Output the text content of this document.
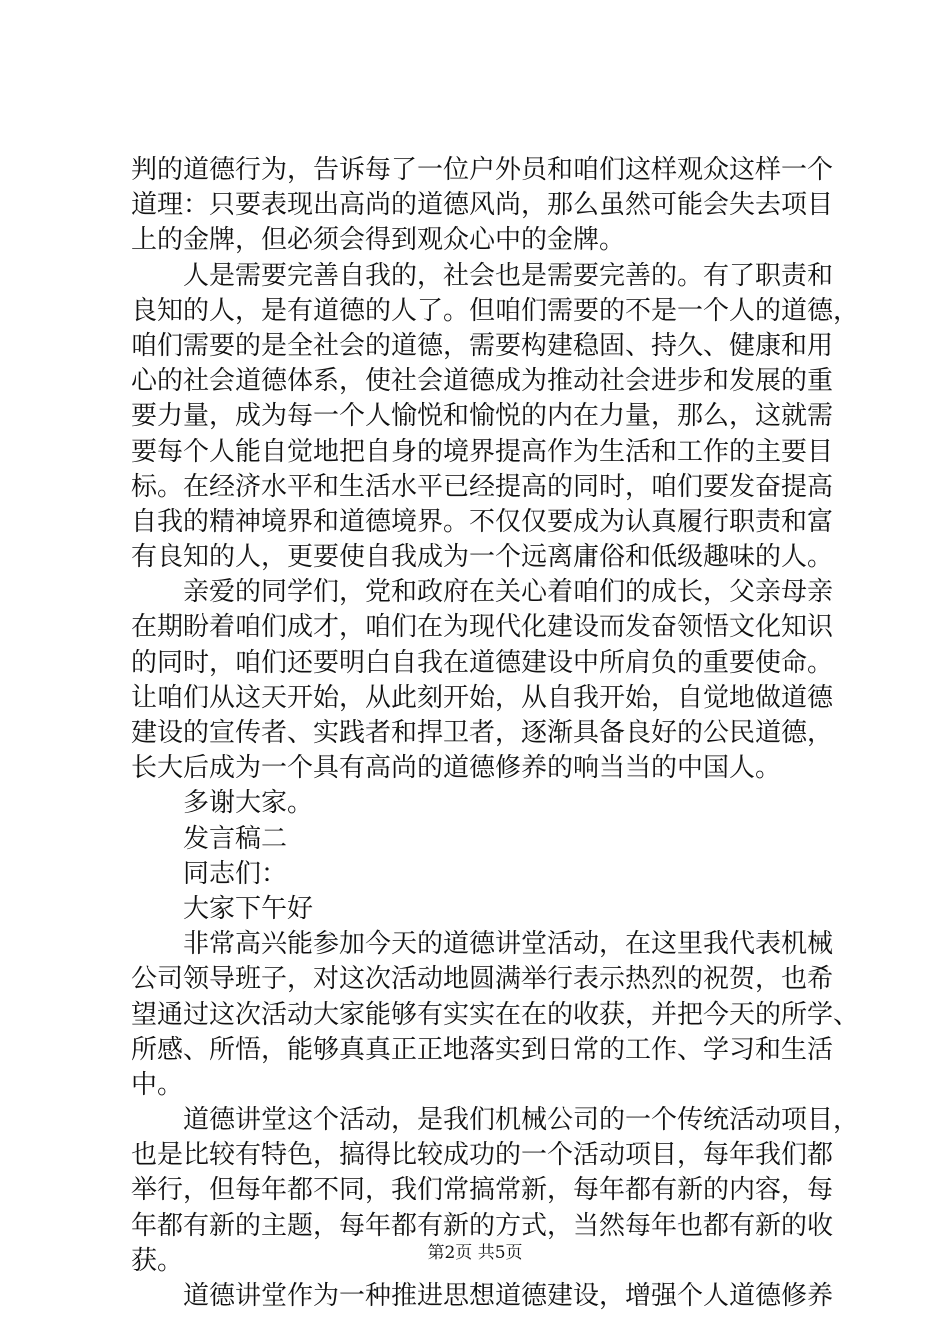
判的道德行为，告诉每了一位户外员和咱们这样观众这样一个
道理：只要表现出高尚的道德风尚，那么虽然可能会失去项目
上的金牌，但必须会得到观众心中的金牌。
人是需要完善自我的，社会也是需要完善的。有了职责和
良知的人，是有道德的人了。但咱们需要的不是一个人的道德，
咱们需要的是全社会的道德，需要构建稳固、持久、健康和用
心的社会道德体系，使社会道德成为推动社会进步和发展的重
要力量，成为每一个人愉悦和愉悦的内在力量，那么，这就需
要每个人能自觉地把自身的境界提高作为生活和工作的主要目
标。在经济水平和生活水平已经提高的同时，咱们要发奋提高
自我的精神境界和道德境界。不仅仅要成为认真履行职责和富
有良知的人，更要使自我成为一个远离庸俗和低级趣味的人。
亲爱的同学们，党和政府在关心着咱们的成长，父亲母亲
在期盼着咱们成才，咱们在为现代化建设而发奋领悟文化知识
的同时，咱们还要明白自我在道德建设中所肩负的重要使命。
让咱们从这天开始，从此刻开始，从自我开始，自觉地做道德
建设的宣传者、实践者和捍卫者，逐渐具备良好的公民道德，
长大后成为一个具有高尚的道德修养的响当当的中国人。
多谢大家。
发言稿二
同志们：
大家下午好
非常高兴能参加今天的道德讲堂活动，在这里我代表机械
公司领导班子，对这次活动地圆满举行表示热烈的祝贺，也希
望通过这次活动大家能够有实实在在的收获，并把今天的所学、
所感、所悟，能够真真正正地落实到日常的工作、学习和生活
中。
道德讲堂这个活动，是我们机械公司的一个传统活动项目，
也是比较有特色，搞得比较成功的一个活动项目，每年我们都
举行，但每年都不同，我们常搞常新，每年都有新的内容，每
年都有新的主题，每年都有新的方式，当然每年也都有新的收
获。
道德讲堂作为一种推进思想道德建设，增强个人道德修养
第2页 共5页
